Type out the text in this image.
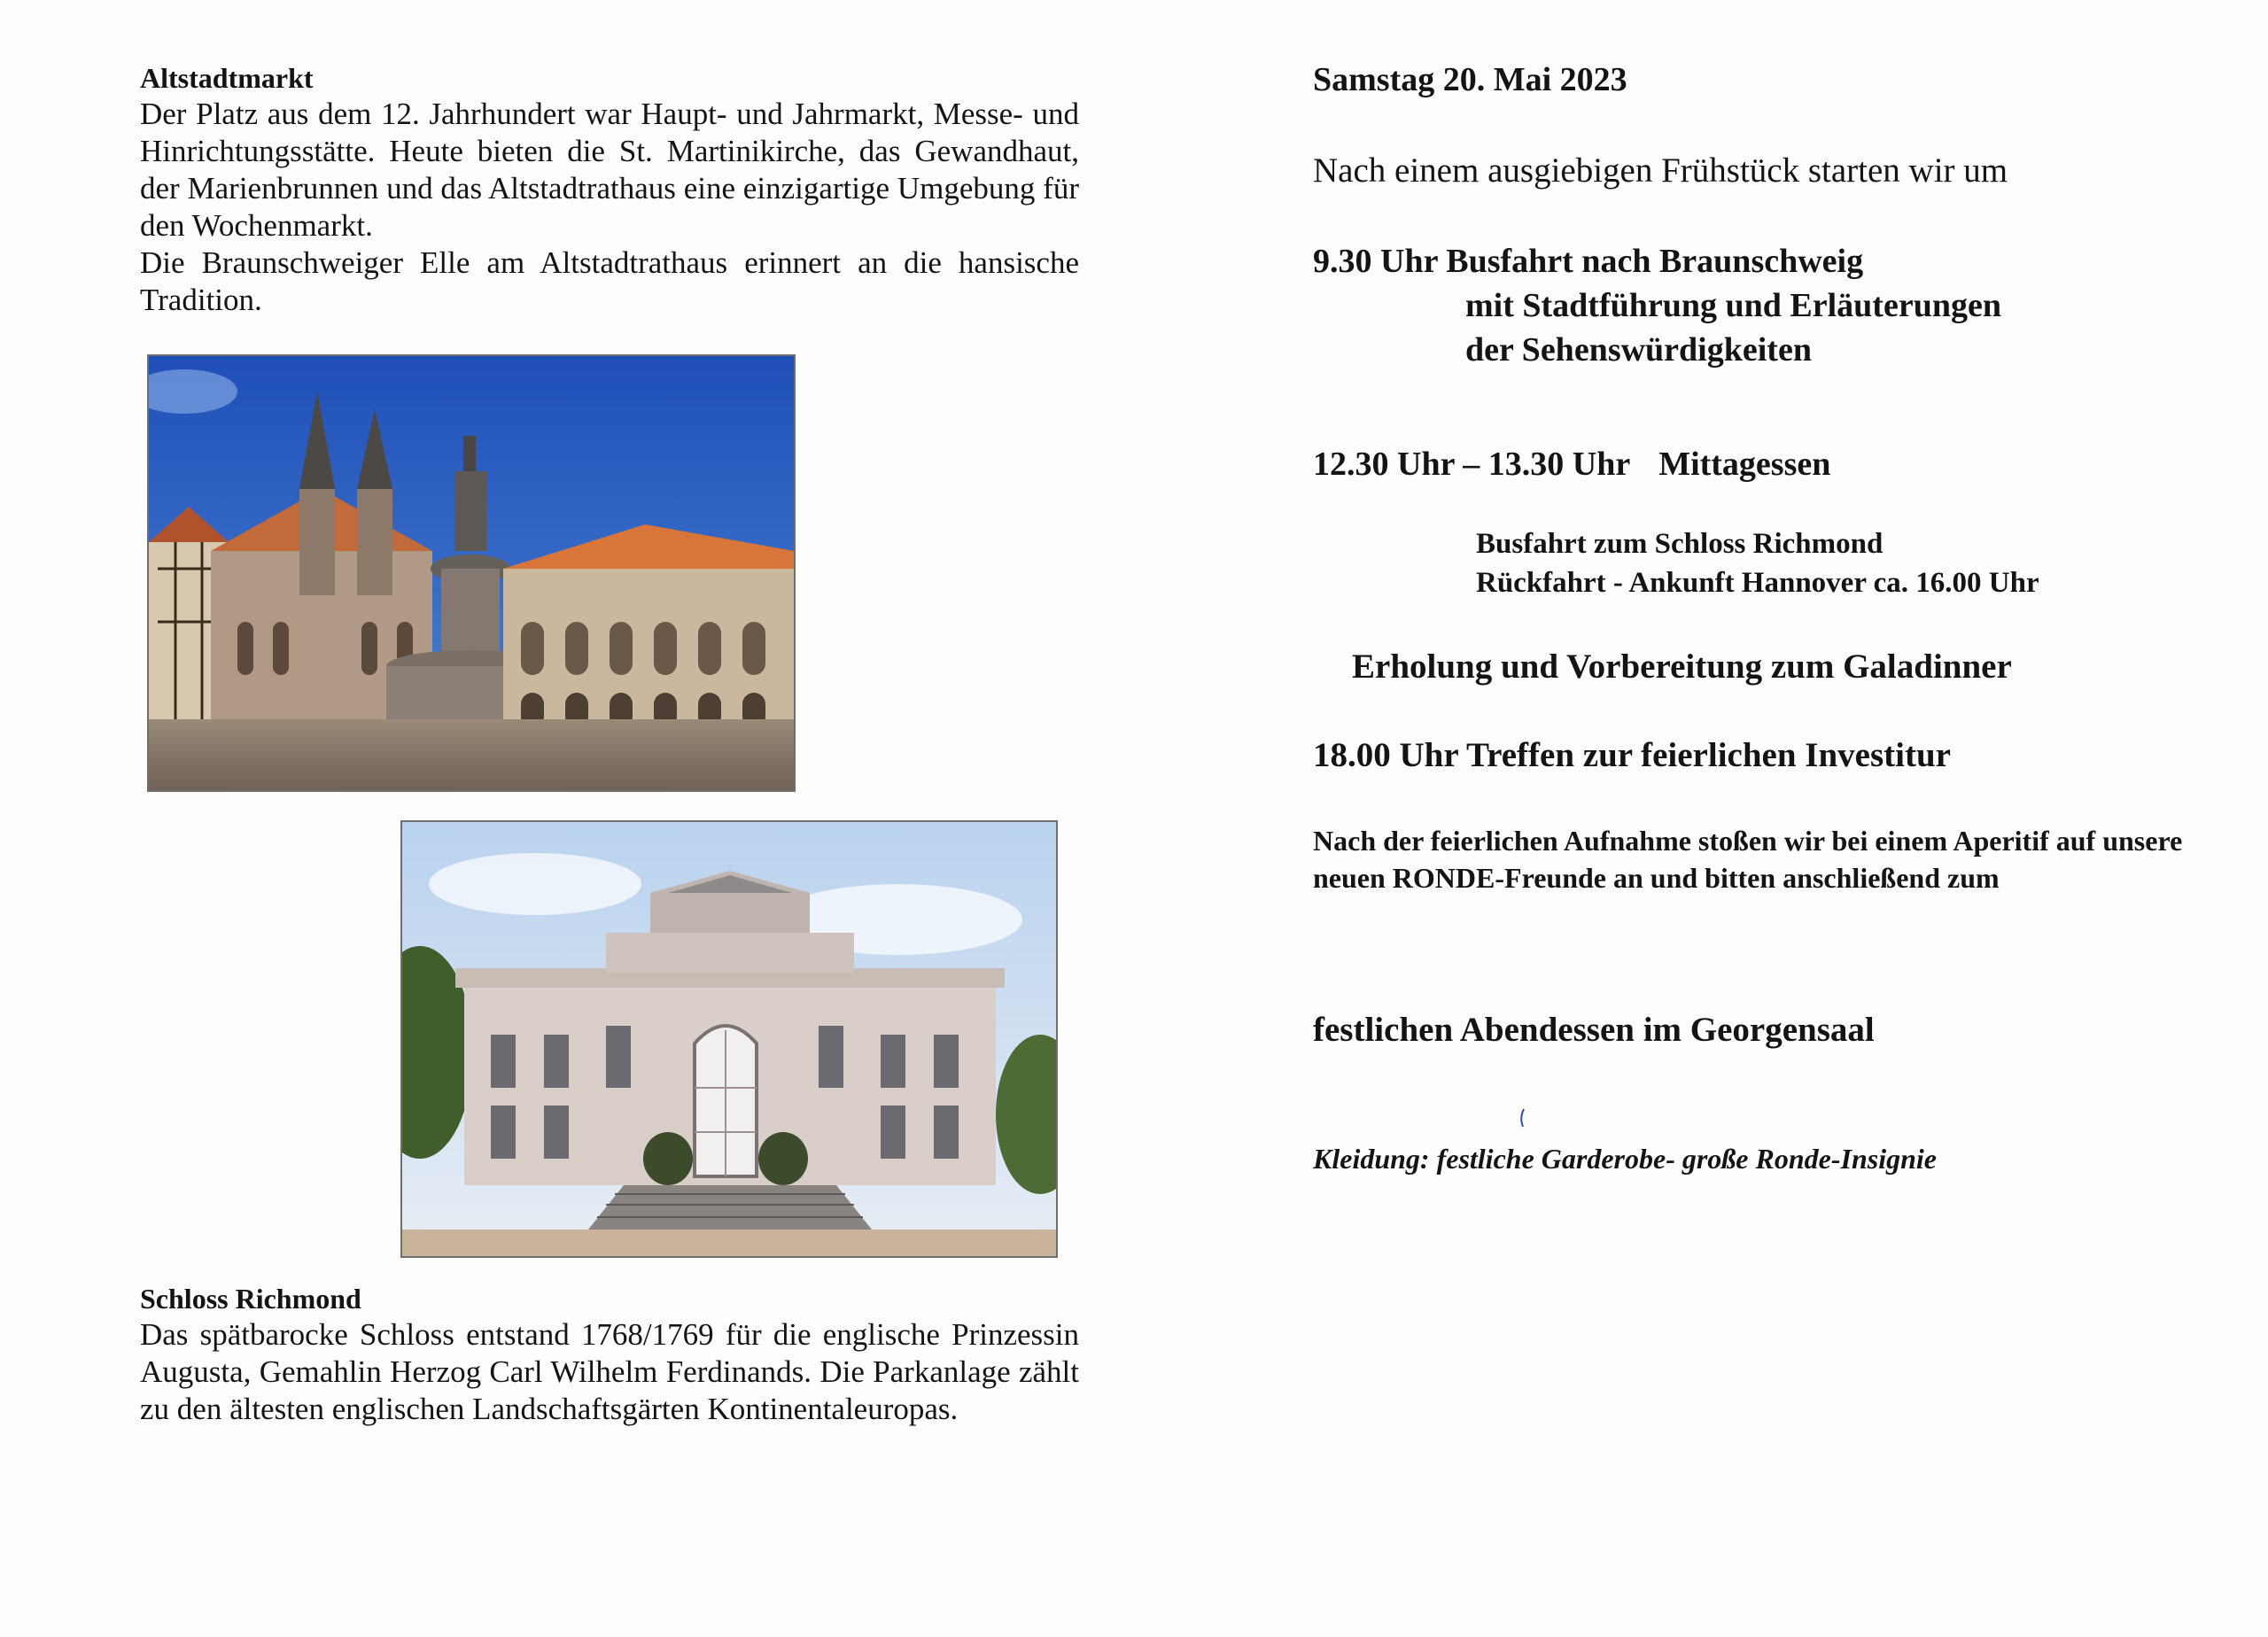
Altstadtmarkt

Der Platz aus dem 12. Jahrhundert war Haupt- und Jahrmarkt, Messe- und Hinrichtungsstätte. Heute bieten die St. Martinikirche, das Gewandhaut, der Marienbrunnen und das Altstadtrathaus eine einzigartige Umgebung für den Wochenmarkt.

Die Braunschweiger Elle am Altstadtrathaus erinnert an die hansische Tradition.

Schloss Richmond

Das spätbarocke Schloss entstand 1768/1769 für die englische Prinzessin Augusta, Gemahlin Herzog Carl Wilhelm Ferdinands. Die Parkanlage zählt zu den ältesten englischen Landschaftsgärten Kontinentaleuropas.

Samstag 20. Mai 2023
Nach einem ausgiebigen Frühstück starten wir um
9.30 Uhr Busfahrt nach Braunschweig
mit Stadtführung und Erläuterungen
der Sehenswürdigkeiten
12.30 Uhr – 13.30 Uhr Mittagessen
Busfahrt zum Schloss Richmond
Rückfahrt - Ankunft Hannover ca. 16.00 Uhr
Erholung und Vorbereitung zum Galadinner
18.00 Uhr Treffen zur feierlichen Investitur
Nach der feierlichen Aufnahme stoßen wir bei einem Aperitif auf unsere neuen RONDE-Freunde an und bitten anschließend zum
festlichen Abendessen im Georgensaal
Kleidung: festliche Garderobe- große Ronde-Insignie
